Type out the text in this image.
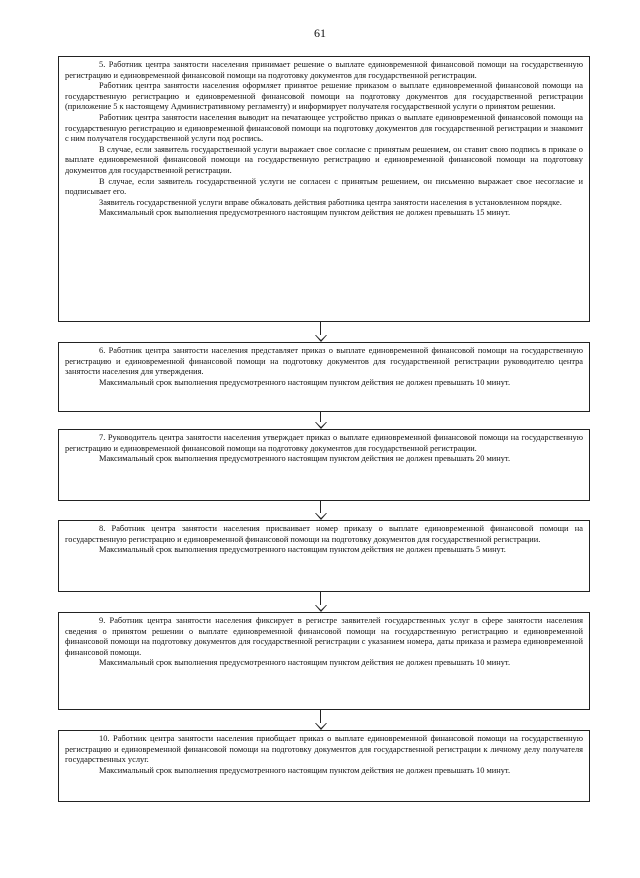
61

5. Работник центра занятости населения принимает решение о выплате единовременной финансовой помощи на государственную регистрацию и единовременной финансовой помощи на подготовку документов для государственной регистрации.

Работник центра занятости населения оформляет принятое решение приказом о выплате единовременной финансовой помощи на государственную регистрацию и единовременной финансовой помощи на подготовку документов для государственной регистрации (приложение 5 к настоящему Административному регламенту) и информирует получателя государственной услуги о принятом решении.

Работник центра занятости населения выводит на печатающее устройство приказ о выплате единовременной финансовой помощи на государственную регистрацию и единовременной финансовой помощи на подготовку документов для государственной регистрации и знакомит с ним получателя государственной услуги под роспись.

В случае, если заявитель государственной услуги выражает свое согласие с принятым решением, он ставит свою подпись в приказе о выплате единовременной финансовой помощи на государственную регистрацию и единовременной финансовой помощи на подготовку документов для государственной регистрации.

В случае, если заявитель государственной услуги не согласен с принятым решением, он письменно выражает свое несогласие и подписывает его.

Заявитель государственной услуги вправе обжаловать действия работника центра занятости населения в установленном порядке.

Максимальный срок выполнения предусмотренного настоящим пунктом действия не должен превышать 15 минут.

6. Работник центра занятости населения представляет приказ о выплате единовременной финансовой помощи на государственную регистрацию и единовременной финансовой помощи на подготовку документов для государственной регистрации руководителю центра занятости населения для утверждения.

Максимальный срок выполнения предусмотренного настоящим пунктом действия не должен превышать 10 минут.

7. Руководитель центра занятости населения утверждает приказ о выплате единовременной финансовой помощи на государственную регистрацию и единовременной финансовой помощи на подготовку документов для государственной регистрации.

Максимальный срок выполнения предусмотренного настоящим пунктом действия не должен превышать 20 минут.

8. Работник центра занятости населения присваивает номер приказу о выплате единовременной финансовой помощи на государственную регистрацию и единовременной финансовой помощи на подготовку документов для государственной регистрации.

Максимальный срок выполнения предусмотренного настоящим пунктом действия не должен превышать 5 минут.

9. Работник центра занятости населения фиксирует в регистре заявителей государственных услуг в сфере занятости населения сведения о принятом решении о выплате единовременной финансовой помощи на государственную регистрацию и единовременной финансовой помощи на подготовку документов для государственной регистрации с указанием номера, даты приказа и размера единовременной финансовой помощи.

Максимальный срок выполнения предусмотренного настоящим пунктом действия не должен превышать 10 минут.

10. Работник центра занятости населения приобщает приказ о выплате единовременной финансовой помощи на государственную регистрацию и единовременной финансовой помощи на подготовку документов для государственной регистрации к личному делу получателя государственных услуг.

Максимальный срок выполнения предусмотренного настоящим пунктом действия не должен превышать 10 минут.
